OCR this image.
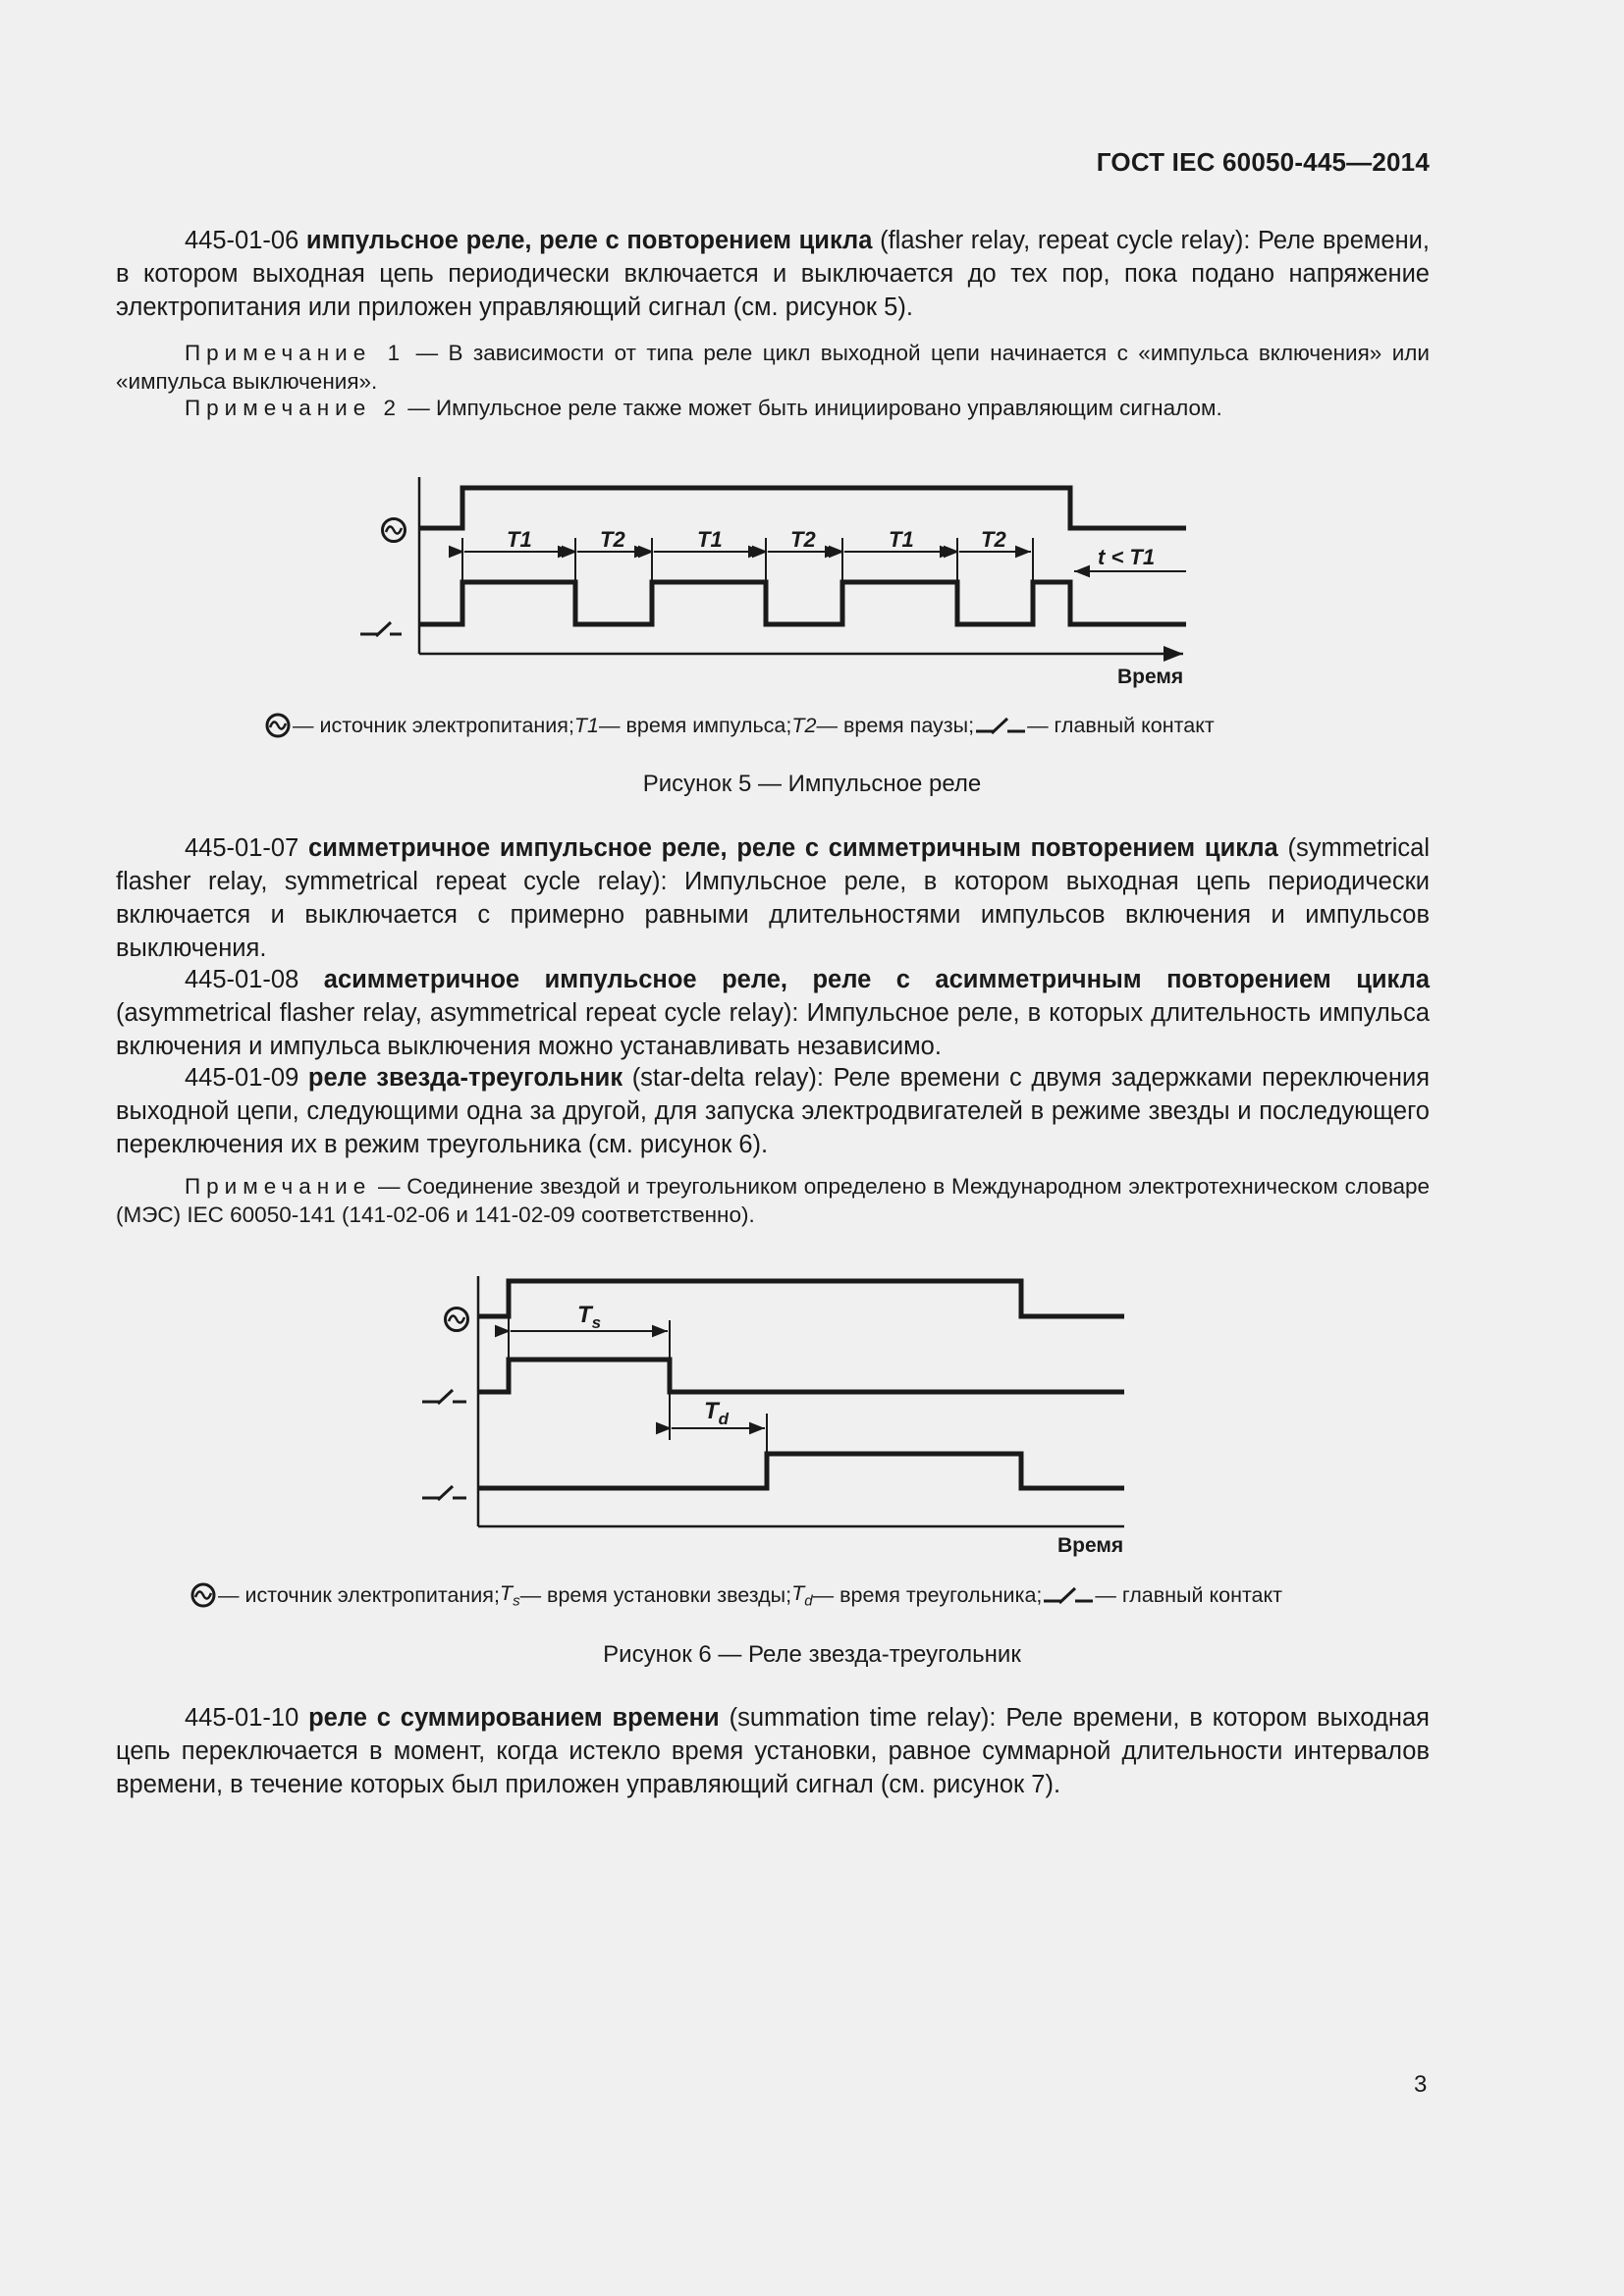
ГОСТ IEC 60050-445—2014

445-01-06 импульсное реле, реле с повторением цикла (flasher relay, repeat cycle relay): Реле времени, в котором выходная цепь периодически включается и выключается до тех пор, пока подано напряжение электропитания или приложен управляющий сигнал (см. рисунок 5).

Примечание 1 — В зависимости от типа реле цикл выходной цепи начинается с «импульса включения» или «импульса выключения».

Примечание 2 — Импульсное реле также может быть инициировано управляющим сигналом.

T1	T2	T1	T2	T1	T2
t < T1
Время
— источник электропитания; T1 — время импульса; T2 — время паузы;	— главный контакт
Рисунок 5 — Импульсное реле

445-01-07 симметричное импульсное реле, реле с симметричным повторением цикла (symmetrical flasher relay, symmetrical repeat cycle relay): Импульсное реле, в котором выходная цепь периодически включается и выключается с примерно равными длительностями импульсов включения и импульсов выключения.

445-01-08 асимметричное импульсное реле, реле с асимметричным повторением цикла (asymmetrical flasher relay, asymmetrical repeat cycle relay): Импульсное реле, в которых длительность импульса включения и импульса выключения можно устанавливать независимо.

445-01-09 реле звезда-треугольник (star-delta relay): Реле времени с двумя задержками переключения выходной цепи, следующими одна за другой, для запуска электродвигателей в режиме звезды и последующего переключения их в режим треугольника (см. рисунок 6).

Примечание — Соединение звездой и треугольником определено в Международном электротехническом словаре (МЭС) IEC 60050-141 (141-02-06 и 141-02-09 соответственно).

$T_s$
$T_d$
Время
— источник электропитания; $T_s$ — время установки звезды; $T_d$ — время треугольника;	— главный контакт
Рисунок 6 — Реле звезда-треугольник

445-01-10 реле с суммированием времени (summation time relay): Реле времени, в котором выходная цепь переключается в момент, когда истекло время установки, равное суммарной длительности интервалов времени, в течение которых был приложен управляющий сигнал (см. рисунок 7).

3
